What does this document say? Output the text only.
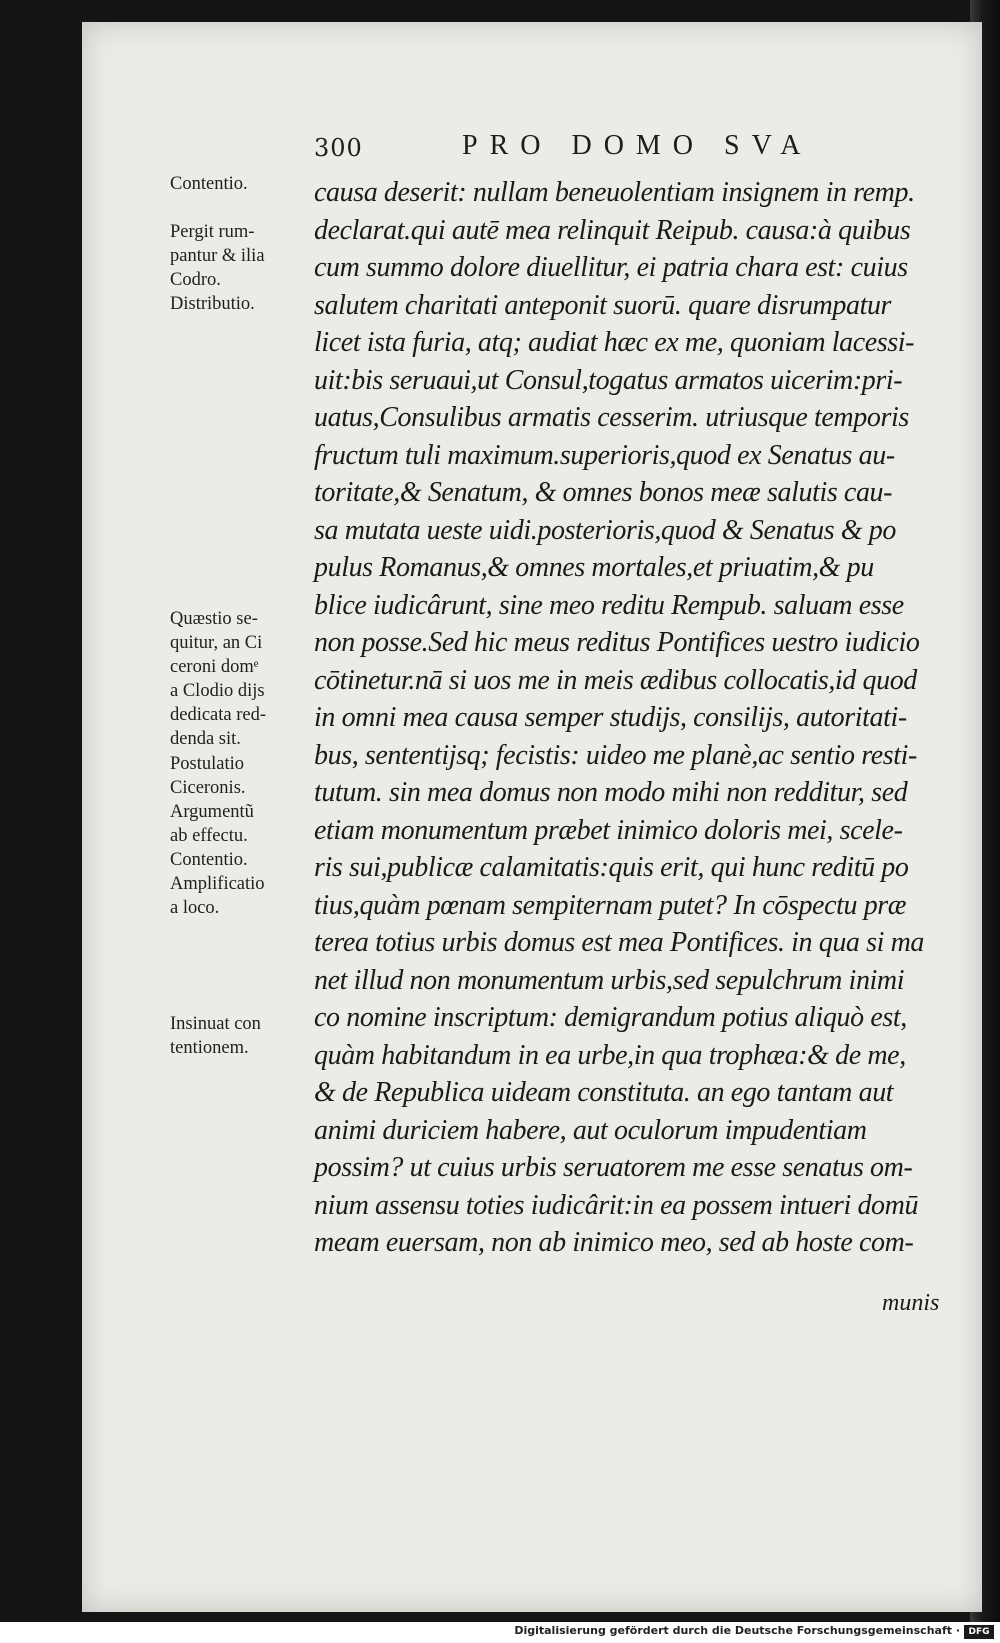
300	PRO DOMO SVA
Contentio.
Pergit rum-
pantur & ilia
Codro.
Distributio.
Quæstio se-
quitur, an Ci
ceroni domᵉ
a Clodio dijs
dedicata red-
denda sit.
Postulatio
Ciceronis.
Argumentũ
ab effectu.
Contentio.
Amplificatio
a loco.
Insinuat con
tentionem.
causa deserit: nullam beneuolentiam insignem in remp.
declarat.qui autē mea relinquit Reipub. causa:à quibus
cum summo dolore diuellitur, ei patria chara est: cuius
salutem charitati anteponit suorū. quare disrumpatur
licet ista furia, atq; audiat hæc ex me, quoniam lacessi-
uit:bis seruaui,ut Consul,togatus armatos uicerim:pri-
uatus,Consulibus armatis cesserim. utriusque temporis
fructum tuli maximum.superioris,quod ex Senatus au-
toritate,& Senatum, & omnes bonos meæ salutis cau-
sa mutata ueste uidi.posterioris,quod & Senatus & po
pulus Romanus,& omnes mortales,et priuatim,& pu
blice iudicârunt, sine meo reditu Rempub. saluam esse
non posse.Sed hic meus reditus Pontifices uestro iudicio
cōtinetur.nā si uos me in meis ædibus collocatis,id quod
in omni mea causa semper studijs, consilijs, autoritati-
bus, sententijsq; fecistis: uideo me planè,ac sentio resti-
tutum. sin mea domus non modo mihi non redditur, sed
etiam monumentum præbet inimico doloris mei, scele-
ris sui,publicæ calamitatis:quis erit, qui hunc reditū po
tius,quàm pœnam sempiternam putet? In cōspectu præ
terea totius urbis domus est mea Pontifices. in qua si ma
net illud non monumentum urbis,sed sepulchrum inimi
co nomine inscriptum: demigrandum potius aliquò est,
quàm habitandum in ea urbe,in qua trophæa:& de me,
& de Republica uideam constituta. an ego tantam aut
animi duriciem habere, aut oculorum impudentiam
possim? ut cuius urbis seruatorem me esse senatus om-
nium assensu toties iudicârit:in ea possem intueri domū
meam euersam, non ab inimico meo, sed ab hoste com-
munis
Digitalisierung gefördert durch die Deutsche Forschungsgemeinschaft · DFG
